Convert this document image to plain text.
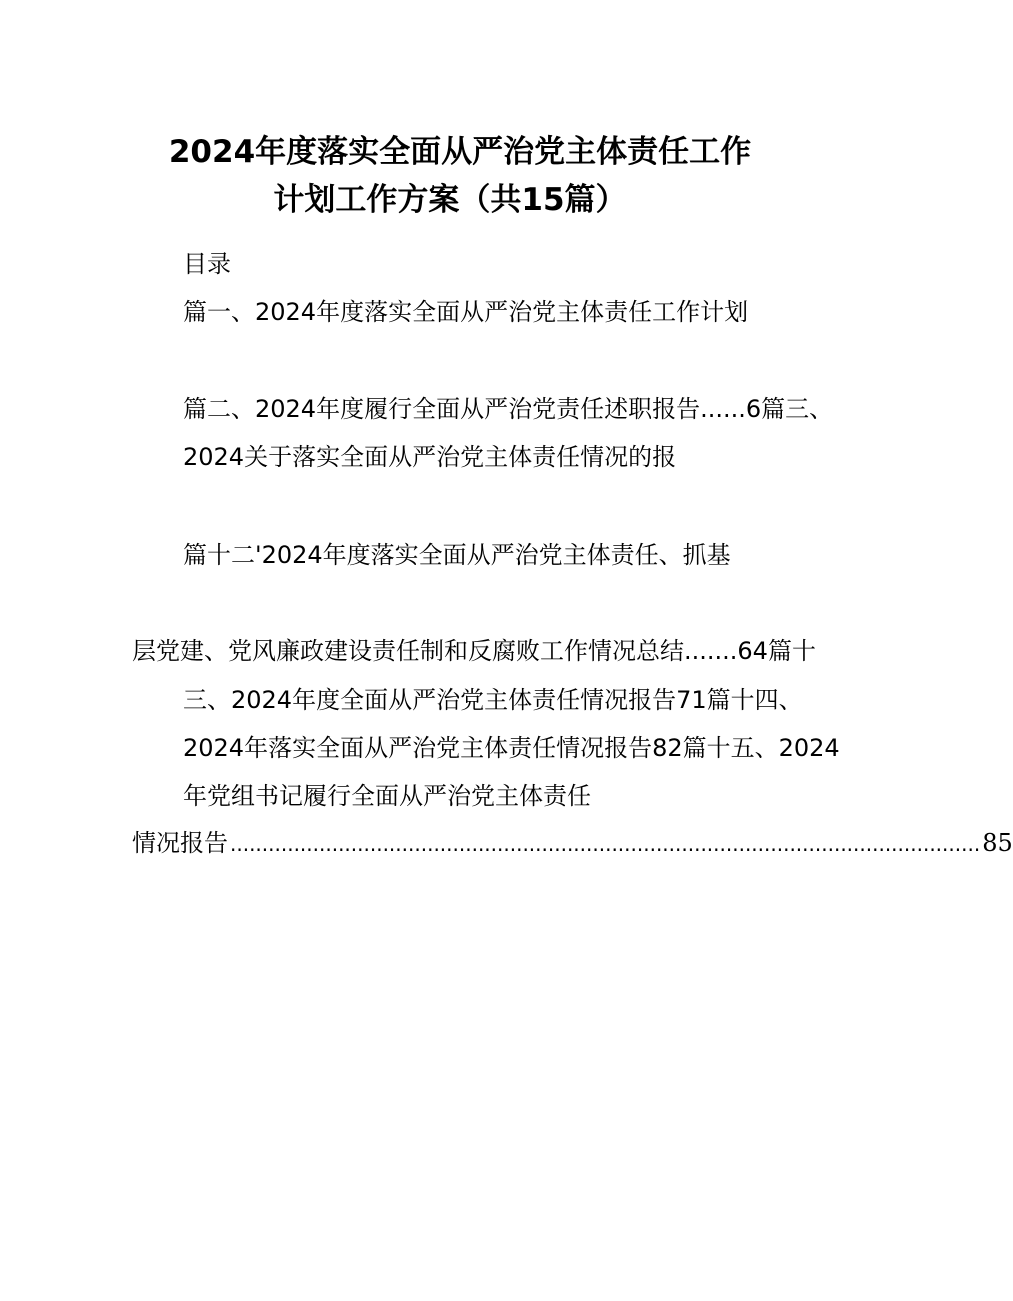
2024年度落实全面从严治党主体责任工作
计划工作方案（共15篇）
目录
篇一、2024年度落实全面从严治党主体责任工作计划
篇二、2024年度履行全面从严治党责任述职报告......6篇三、
2024关于落实全面从严治党主体责任情况的报
篇十二'2024年度落实全面从严治党主体责任、抓基
层党建、党风廉政建设责任制和反腐败工作情况总结.......64篇十
三、2024年度全面从严治党主体责任情况报告71篇十四、
2024年落实全面从严治党主体责任情况报告82篇十五、2024
年党组书记履行全面从严治党主体责任
情况报告 ...................................................................................................................... 85
